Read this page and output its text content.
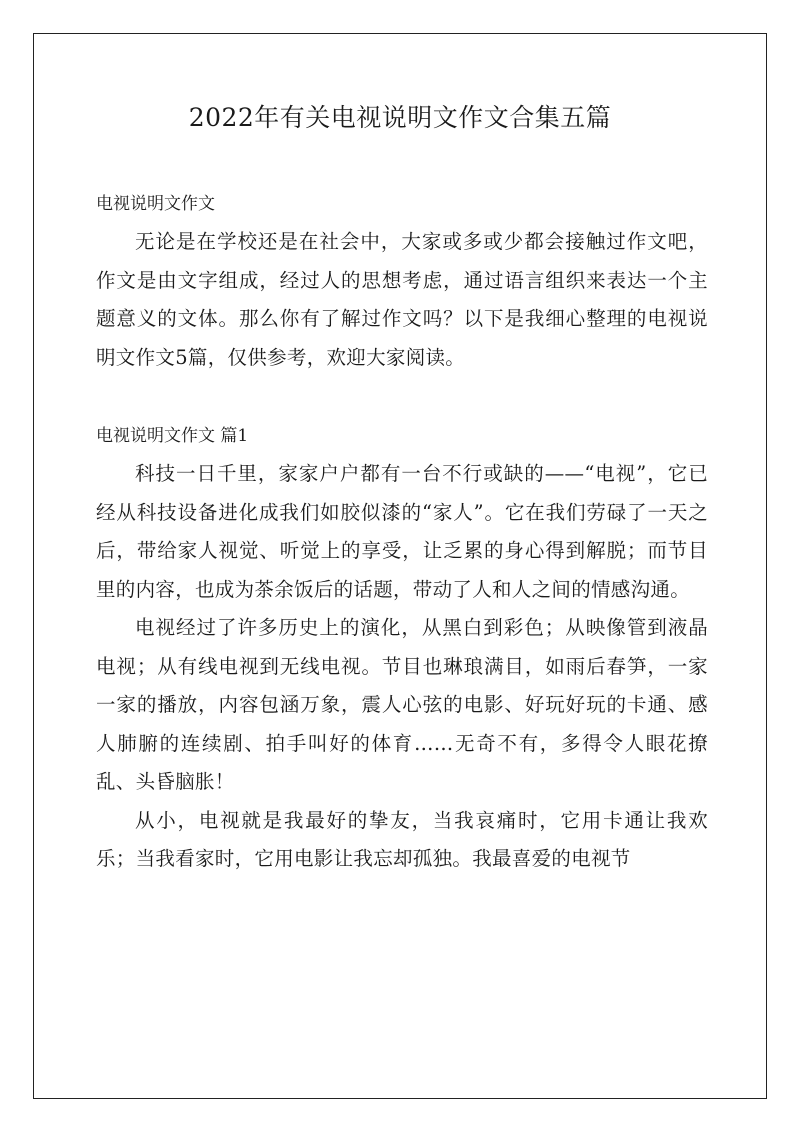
2022年有关电视说明文作文合集五篇

电视说明文作文

无论是在学校还是在社会中，大家或多或少都会接触过作文吧，作文是由文字组成，经过人的思想考虑，通过语言组织来表达一个主题意义的文体。那么你有了解过作文吗？以下是我细心整理的电视说明文作文5篇，仅供参考，欢迎大家阅读。

电视说明文作文 篇1

科技一日千里，家家户户都有一台不行或缺的——“电视”，它已经从科技设备进化成我们如胶似漆的“家人”。它在我们劳碌了一天之后，带给家人视觉、听觉上的享受，让乏累的身心得到解脱；而节目里的内容，也成为茶余饭后的话题，带动了人和人之间的情感沟通。

电视经过了许多历史上的演化，从黑白到彩色；从映像管到液晶电视；从有线电视到无线电视。节目也琳琅满目，如雨后春笋，一家一家的播放，内容包涵万象，震人心弦的电影、好玩好玩的卡通、感人肺腑的连续剧、拍手叫好的体育……无奇不有，多得令人眼花撩乱、头昏脑胀！

从小，电视就是我最好的挚友，当我哀痛时，它用卡通让我欢乐；当我看家时，它用电影让我忘却孤独。我最喜爱的电视节
